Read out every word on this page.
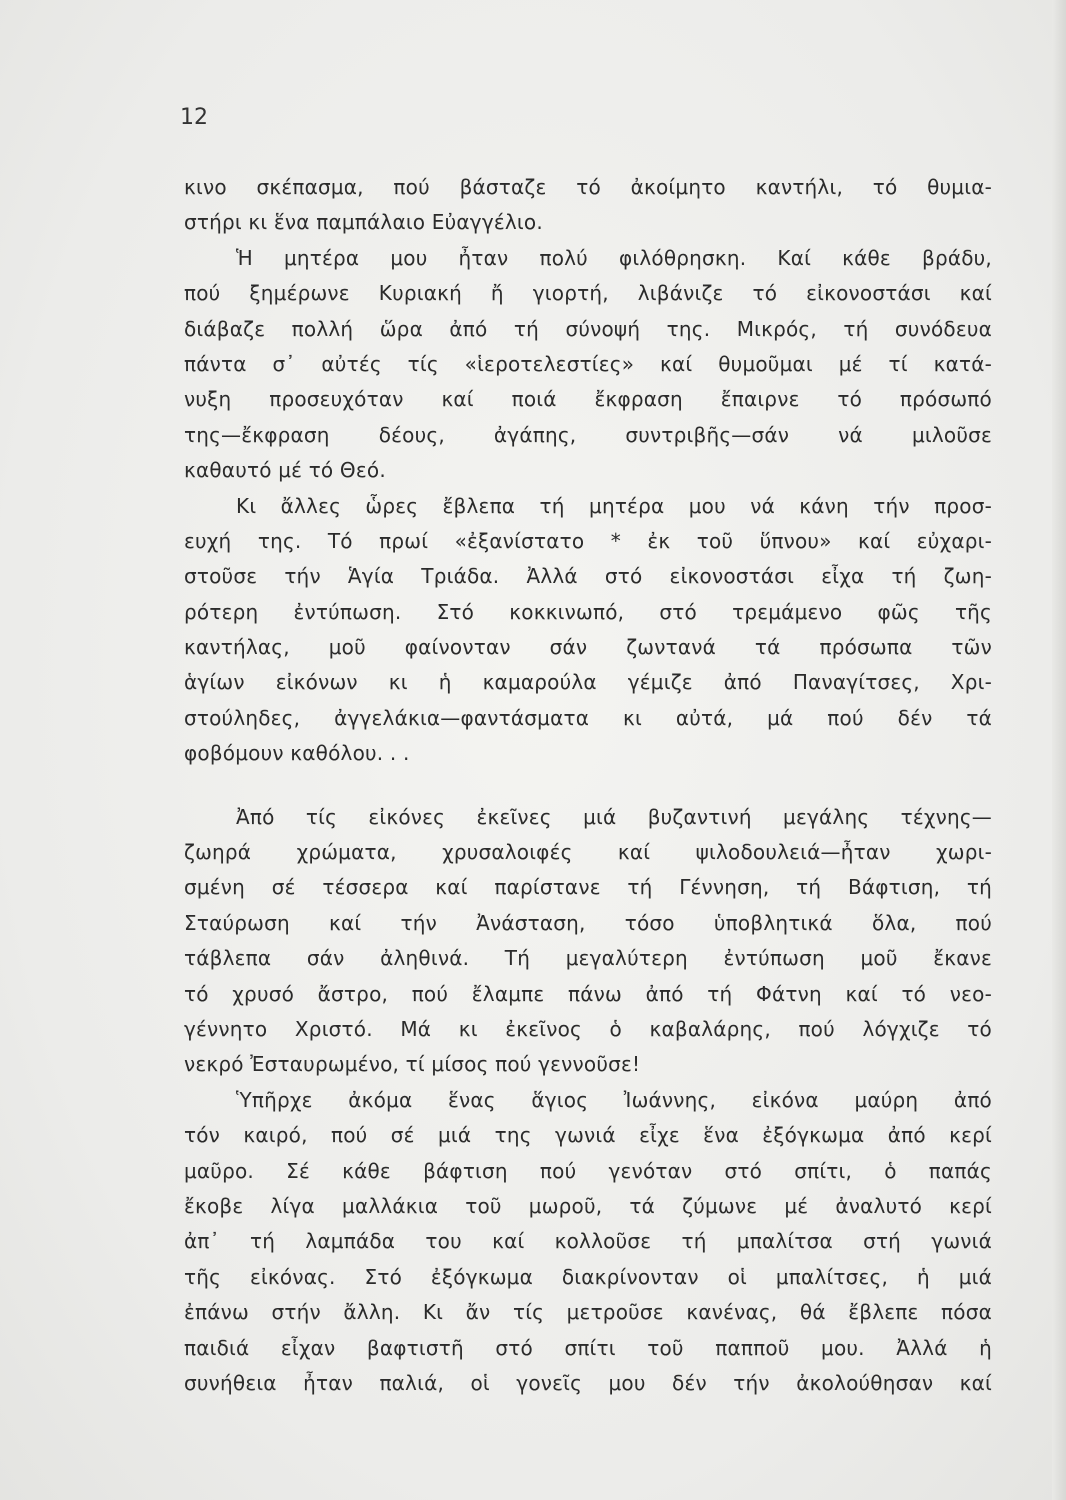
12
κινο σκέπασμα, πού βάσταζε τό ἀκοίμητο καντήλι, τό θυμια-
στήρι κι ἕνα παμπάλαιο Εὐαγγέλιο.
Ἡ μητέρα μου ἦταν πολύ φιλόθρησκη. Καί κάθε βράδυ,
πού ξημέρωνε Κυριακή ἤ γιορτή, λιβάνιζε τό εἰκονοστάσι καί
διάβαζε πολλή ὥρα ἀπό τή σύνοψή της. Μικρός, τή συνόδευα
πάντα σ᾽ αὐτές τίς «ἱεροτελεστίες» καί θυμοῦμαι μέ τί κατά-
νυξη προσευχόταν καί ποιά ἔκφραση ἔπαιρνε τό πρόσωπό
της—ἔκφραση δέους, ἀγάπης, συντριβῆς—σάν νά μιλοῦσε
καθαυτό μέ τό Θεό.
Κι ἄλλες ὧρες ἔβλεπα τή μητέρα μου νά κάνη τήν προσ-
ευχή της. Τό πρωί «ἐξανίστατο * ἐκ τοῦ ὕπνου» καί εὐχαρι-
στοῦσε τήν Ἁγία Τριάδα. Ἀλλά στό εἰκονοστάσι εἶχα τή ζωη-
ρότερη ἐντύπωση. Στό κοκκινωπό, στό τρεμάμενο φῶς τῆς
καντήλας, μοῦ φαίνονταν σάν ζωντανά τά πρόσωπα τῶν
ἁγίων εἰκόνων κι ἡ καμαρούλα γέμιζε ἀπό Παναγίτσες, Χρι-
στούληδες, ἀγγελάκια—φαντάσματα κι αὐτά, μά πού δέν τά
φοβόμουν καθόλου. . .
Ἀπό τίς εἰκόνες ἐκεῖνες μιά βυζαντινή μεγάλης τέχνης—
ζωηρά χρώματα, χρυσαλοιφές καί ψιλοδουλειά—ἦταν χωρι-
σμένη σέ τέσσερα καί παρίστανε τή Γέννηση, τή Βάφτιση, τή
Σταύρωση καί τήν Ἀνάσταση, τόσο ὑποβλητικά ὅλα, πού
τάβλεπα σάν ἀληθινά. Τή μεγαλύτερη ἐντύπωση μοῦ ἔκανε
τό χρυσό ἄστρο, πού ἔλαμπε πάνω ἀπό τή Φάτνη καί τό νεο-
γέννητο Χριστό. Μά κι ἐκεῖνος ὁ καβαλάρης, πού λόγχιζε τό
νεκρό Ἐσταυρωμένο, τί μίσος πού γεννοῦσε!
Ὑπῆρχε ἀκόμα ἕνας ἅγιος Ἰωάννης, εἰκόνα μαύρη ἀπό
τόν καιρό, πού σέ μιά της γωνιά εἶχε ἕνα ἐξόγκωμα ἀπό κερί
μαῦρο. Σέ κάθε βάφτιση πού γενόταν στό σπίτι, ὁ παπάς
ἔκοβε λίγα μαλλάκια τοῦ μωροῦ, τά ζύμωνε μέ ἀναλυτό κερί
ἀπ᾽ τή λαμπάδα του καί κολλοῦσε τή μπαλίτσα στή γωνιά
τῆς εἰκόνας. Στό ἐξόγκωμα διακρίνονταν οἱ μπαλίτσες, ἡ μιά
ἐπάνω στήν ἄλλη. Κι ἄν τίς μετροῦσε κανένας, θά ἔβλεπε πόσα
παιδιά εἶχαν βαφτιστῆ στό σπίτι τοῦ παπποῦ μου. Ἀλλά ἡ
συνήθεια ἦταν παλιά, οἱ γονεῖς μου δέν τήν ἀκολούθησαν καί
